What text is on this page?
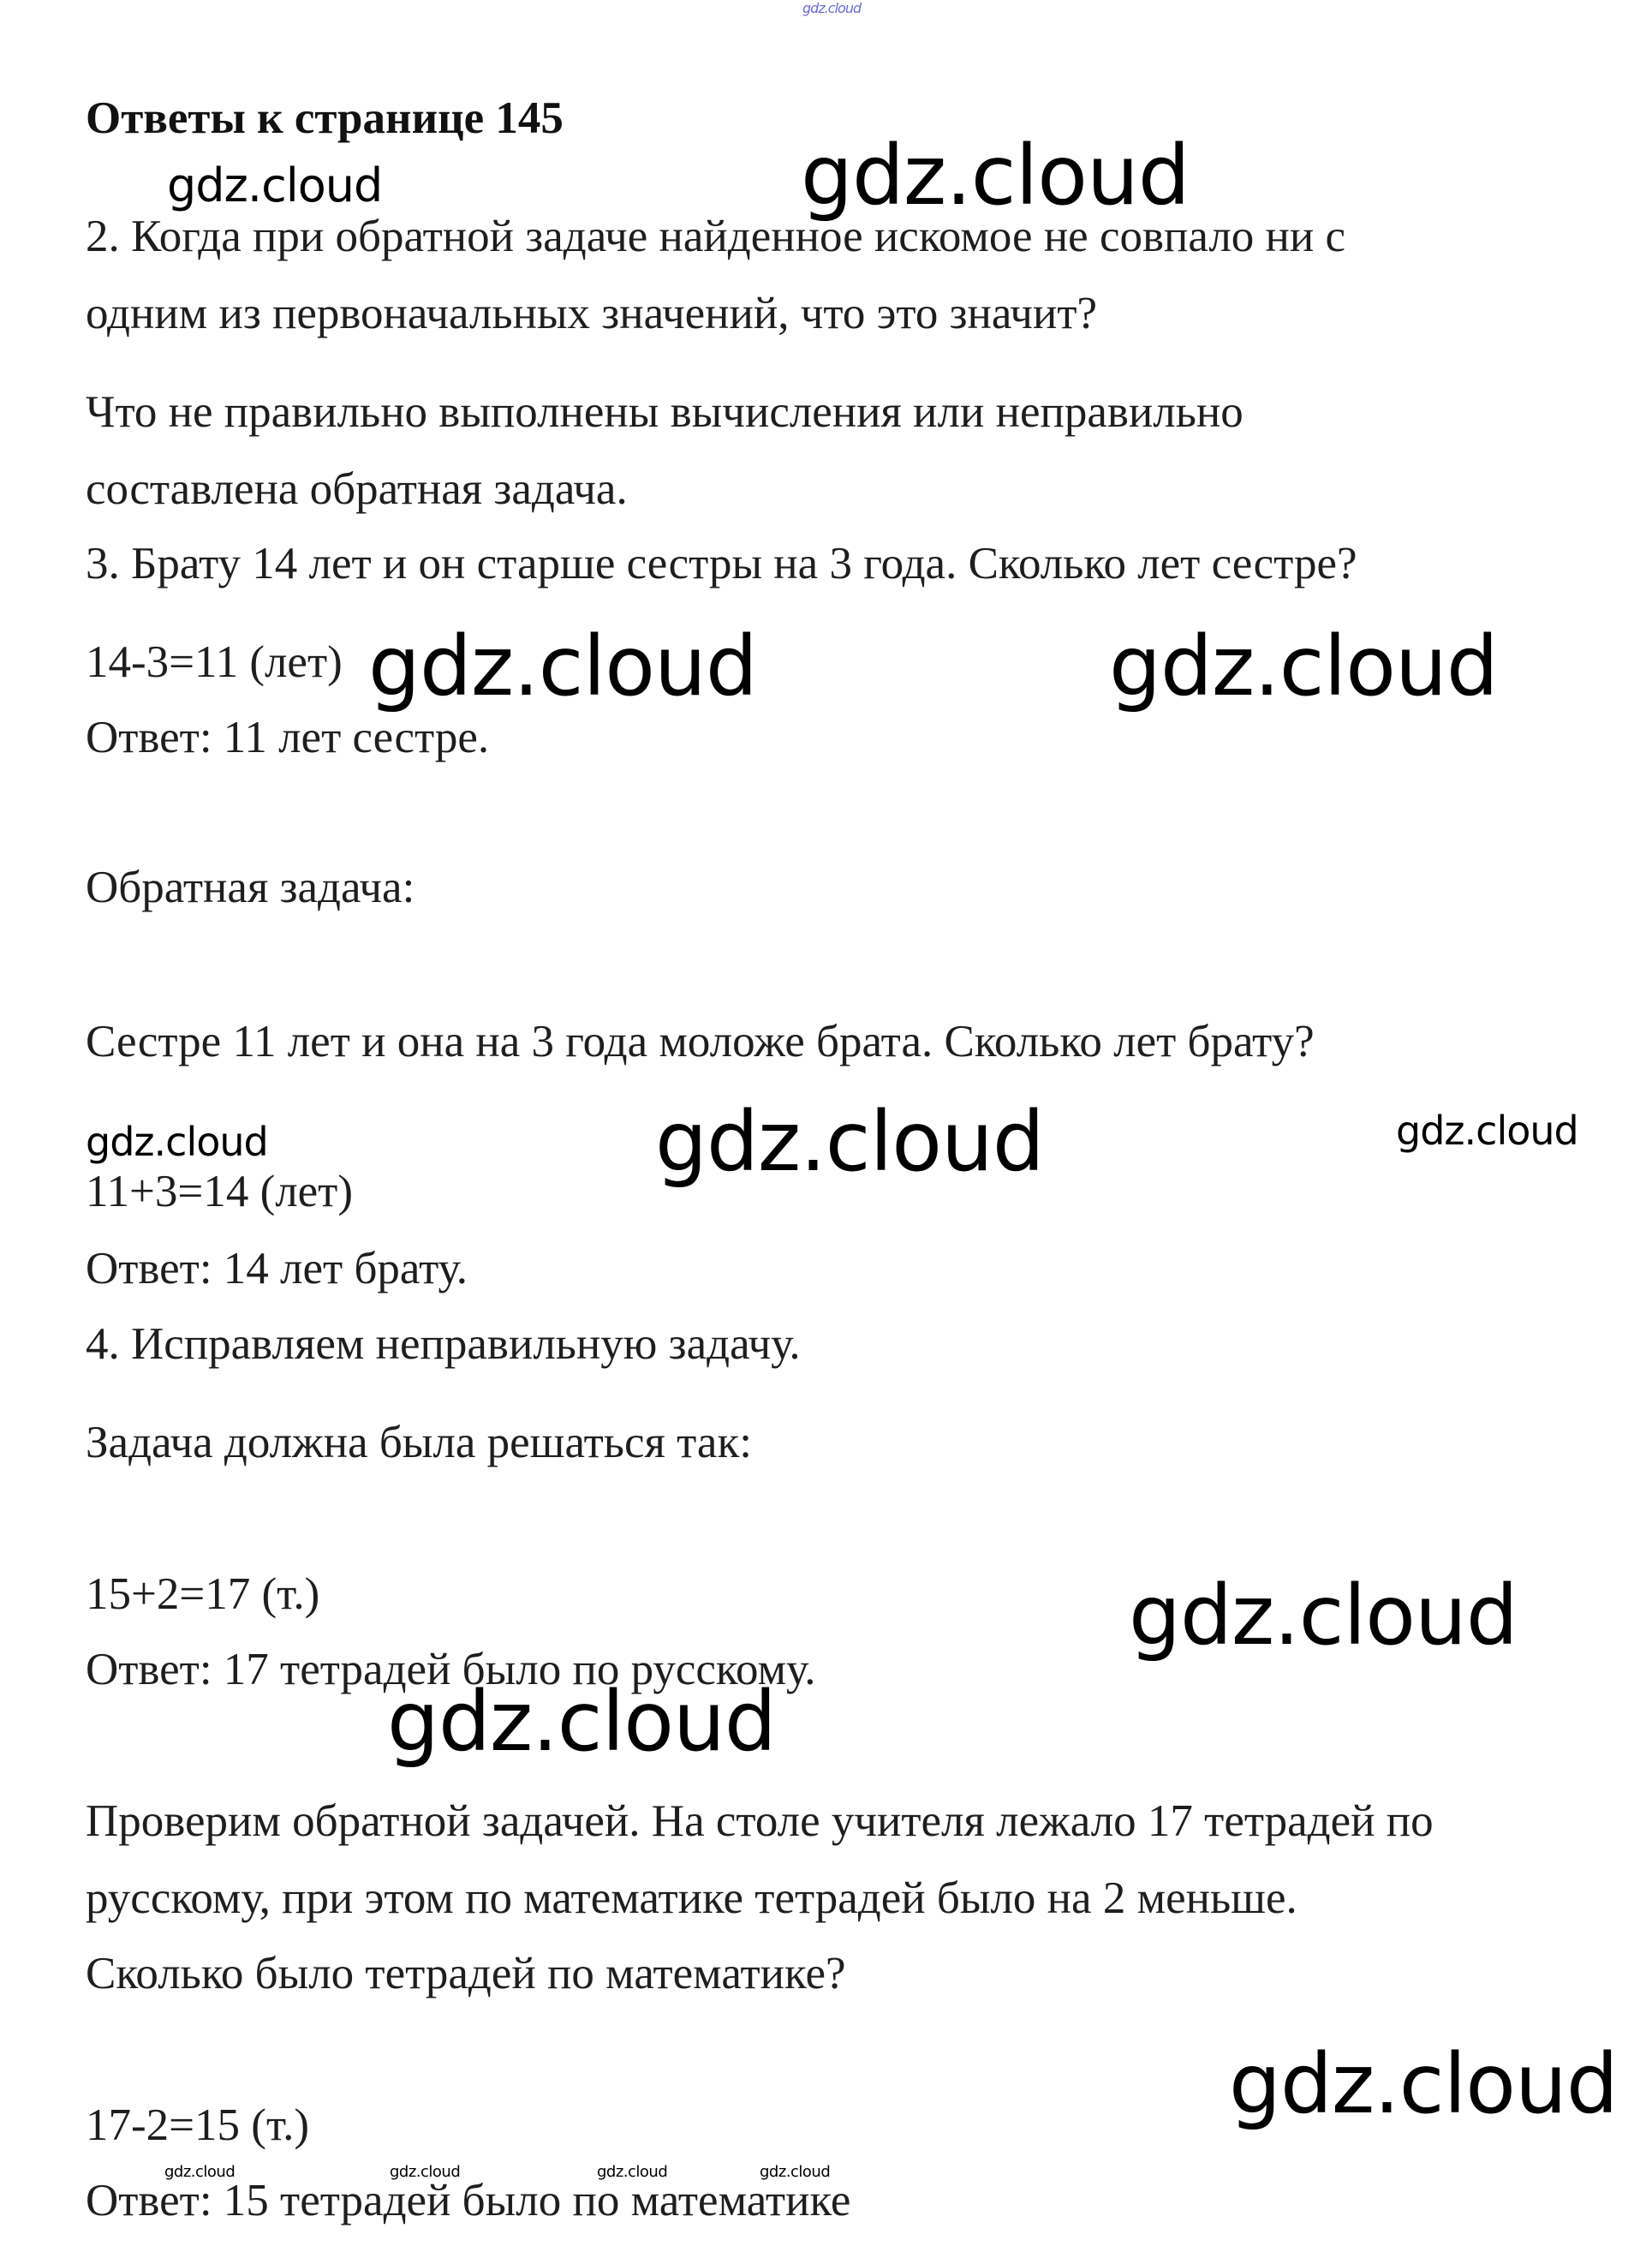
gdz.cloud
Ответы к странице 145

2. Когда при обратной задаче найденное искомое не совпало ни с

одним из первоначальных значений, что это значит?

Что не правильно выполнены вычисления или неправильно

составлена обратная задача.

3. Брату 14 лет и он старше сестры на 3 года. Сколько лет сестре?

14-3=11 (лет)

Ответ: 11 лет сестре.

Обратная задача:

Сестре 11 лет и она на 3 года моложе брата. Сколько лет брату?

11+3=14 (лет)

Ответ: 14 лет брату.

4. Исправляем неправильную задачу.

Задача должна была решаться так:

15+2=17 (т.)

Ответ: 17 тетрадей было по русскому.

Проверим обратной задачей. На столе учителя лежало 17 тетрадей по

русскому, при этом по математике тетрадей было на 2 меньше.

Сколько было тетрадей по математике?

17-2=15 (т.)

Ответ: 15 тетрадей было по математике

gdz.cloud	gdz.cloud
gdz.cloud	gdz.cloud
gdz.cloud	gdz.cloud	gdz.cloud
gdz.cloud
gdz.cloud
gdz.cloud
gdz.cloud	gdz.cloud	gdz.cloud	gdz.cloud
